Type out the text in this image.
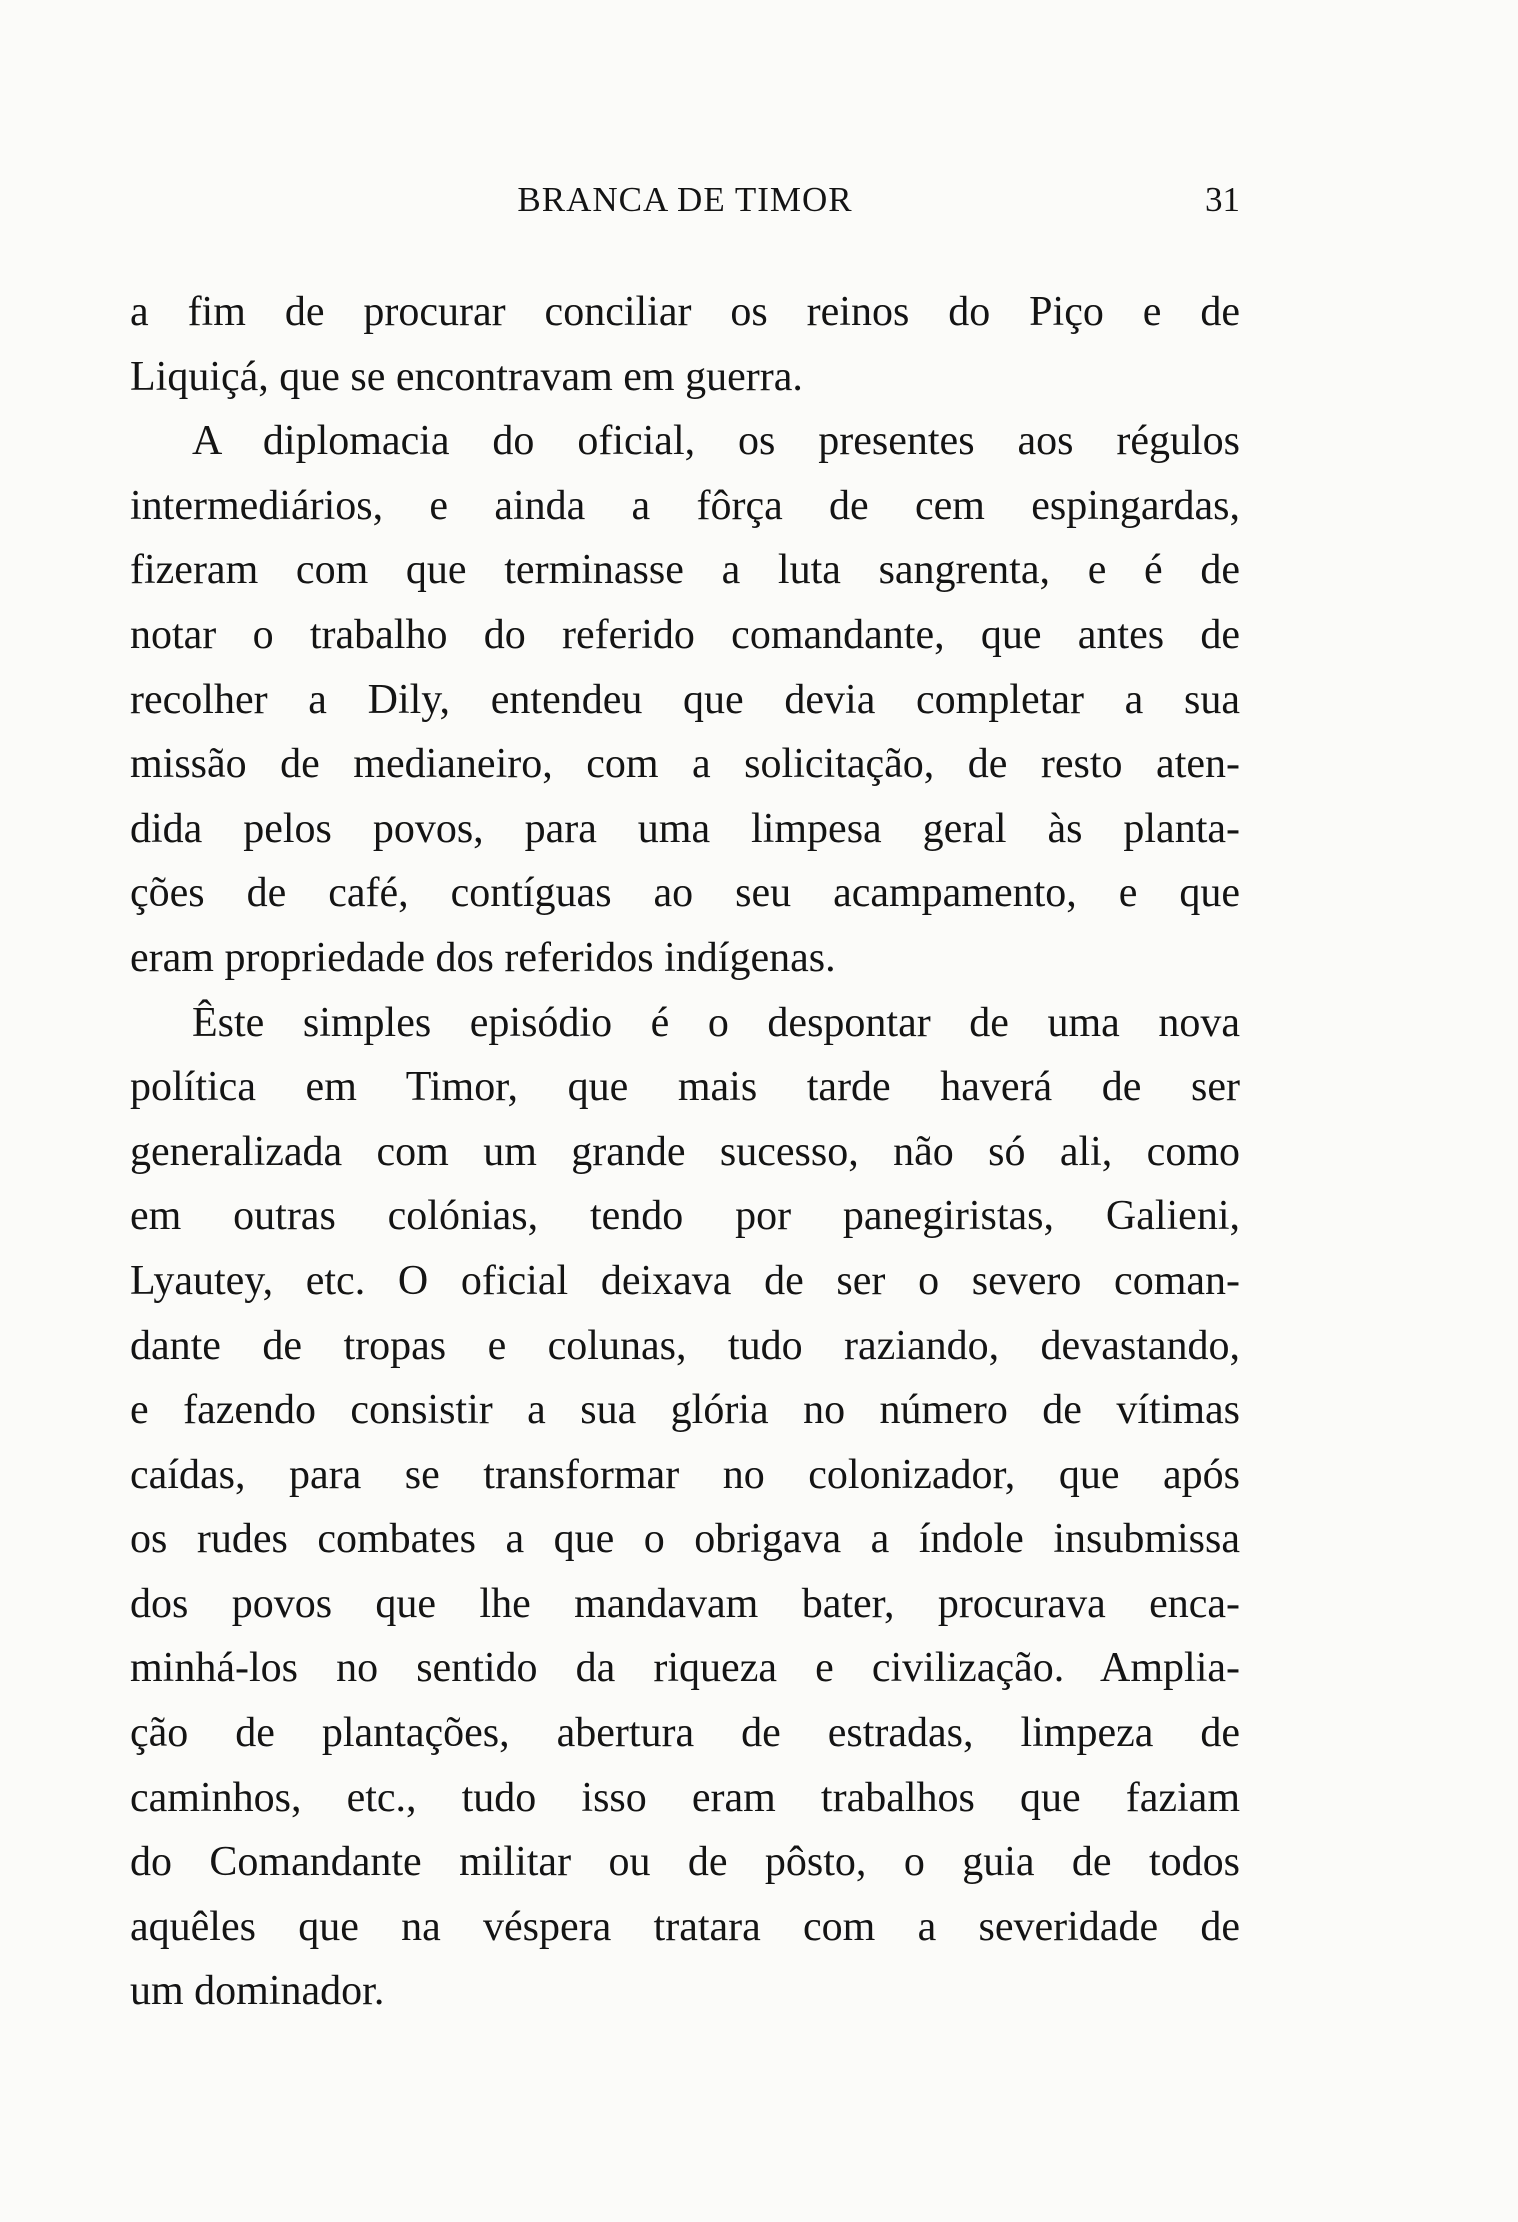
BRANCA DE TIMOR	31
a fim de procurar conciliar os reinos do Piço e de
Liquiçá, que se encontravam em guerra.
A diplomacia do oficial, os presentes aos régulos
intermediários, e ainda a fôrça de cem espingardas,
fizeram com que terminasse a luta sangrenta, e é de
notar o trabalho do referido comandante, que antes de
recolher a Dily, entendeu que devia completar a sua
missão de medianeiro, com a solicitação, de resto aten-
dida pelos povos, para uma limpesa geral às planta-
ções de café, contíguas ao seu acampamento, e que
eram propriedade dos referidos indígenas.
Êste simples episódio é o despontar de uma nova
política em Timor, que mais tarde haverá de ser
generalizada com um grande sucesso, não só ali, como
em outras colónias, tendo por panegiristas, Galieni,
Lyautey, etc. O oficial deixava de ser o severo coman-
dante de tropas e colunas, tudo raziando, devastando,
e fazendo consistir a sua glória no número de vítimas
caídas, para se transformar no colonizador, que após
os rudes combates a que o obrigava a índole insubmissa
dos povos que lhe mandavam bater, procurava enca-
minhá-los no sentido da riqueza e civilização. Amplia-
ção de plantações, abertura de estradas, limpeza de
caminhos, etc., tudo isso eram trabalhos que faziam
do Comandante militar ou de pôsto, o guia de todos
aquêles que na véspera tratara com a severidade de
um dominador.
